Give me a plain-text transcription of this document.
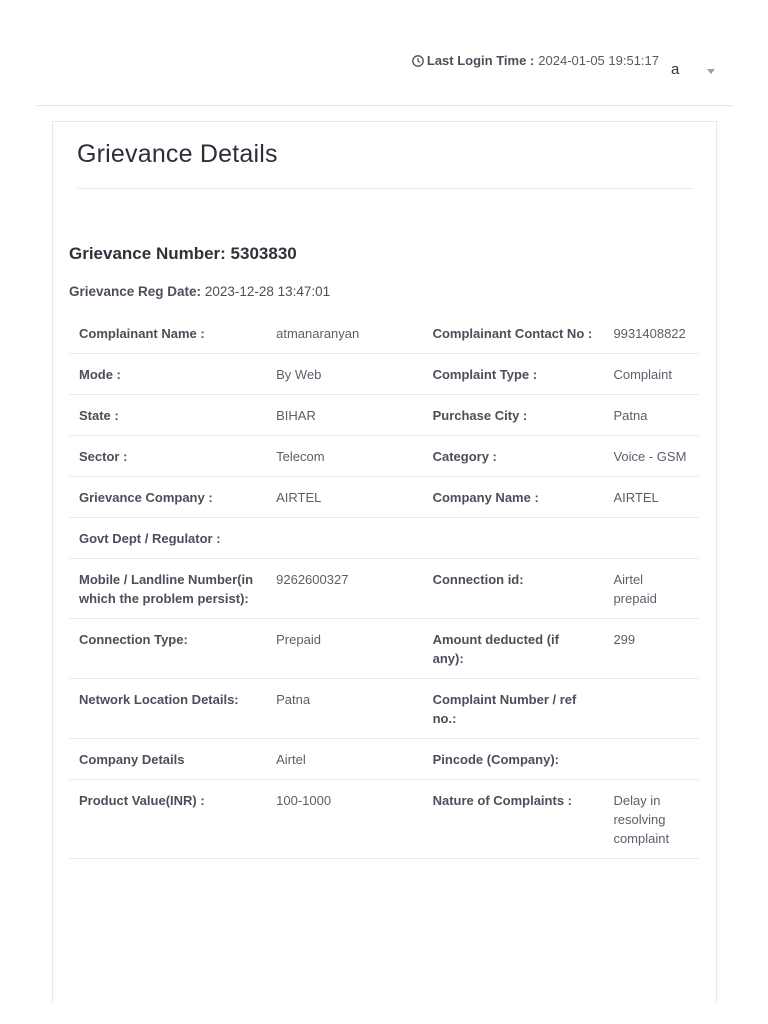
Last Login Time : 2024-01-05 19:51:17
a
Grievance Details
Grievance Number: 5303830
Grievance Reg Date: 2023-12-28 13:47:01
Complainant Name :	atmanaranyan	Complainant Contact No :	9931408822
Mode :	By Web	Complaint Type :	Complaint
State :	BIHAR	Purchase City :	Patna
Sector :	Telecom	Category :	Voice - GSM
Grievance Company :	AIRTEL	Company Name :	AIRTEL
Govt Dept / Regulator :			
Mobile / Landline Number(in which the problem persist):	9262600327	Connection id:	Airtel prepaid
Connection Type:	Prepaid	Amount deducted (if any):	299
Network Location Details:	Patna	Complaint Number / ref no.:	
Company Details	Airtel	Pincode (Company):	
Product Value(INR) :	100-1000	Nature of Complaints :	Delay in resolving complaint
